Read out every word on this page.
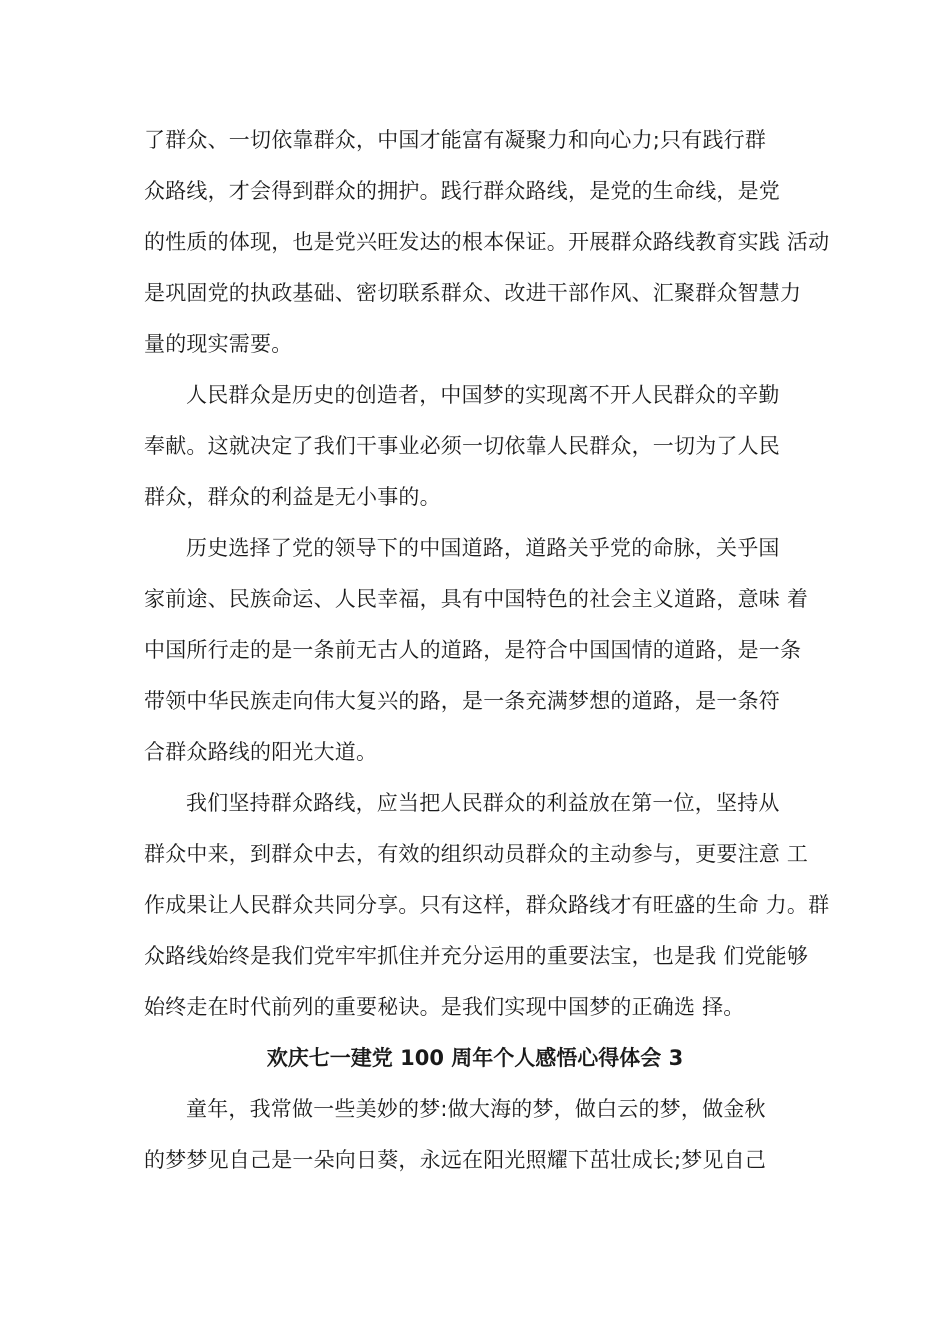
了群众、一切依靠群众，中国才能富有凝聚力和向心力;只有践行群
众路线，才会得到群众的拥护。践行群众路线，是党的生命线，是党
的性质的体现，也是党兴旺发达的根本保证。开展群众路线教育实践 活动
是巩固党的执政基础、密切联系群众、改进干部作风、汇聚群众智慧力
量的现实需要。
人民群众是历史的创造者，中国梦的实现离不开人民群众的辛勤
奉献。这就决定了我们干事业必须一切依靠人民群众，一切为了人民
群众，群众的利益是无小事的。
历史选择了党的领导下的中国道路，道路关乎党的命脉，关乎国
家前途、民族命运、人民幸福，具有中国特色的社会主义道路，意味 着
中国所行走的是一条前无古人的道路，是符合中国国情的道路，是一条
带领中华民族走向伟大复兴的路，是一条充满梦想的道路，是一条符
合群众路线的阳光大道。
我们坚持群众路线，应当把人民群众的利益放在第一位，坚持从
群众中来，到群众中去，有效的组织动员群众的主动参与，更要注意 工
作成果让人民群众共同分享。只有这样，群众路线才有旺盛的生命 力。群
众路线始终是我们党牢牢抓住并充分运用的重要法宝，也是我 们党能够
始终走在时代前列的重要秘诀。是我们实现中国梦的正确选 择。
欢庆七一建党 100 周年个人感悟心得体会 3
童年，我常做一些美妙的梦:做大海的梦，做白云的梦，做金秋
的梦梦见自己是一朵向日葵，永远在阳光照耀下茁壮成长;梦见自己
